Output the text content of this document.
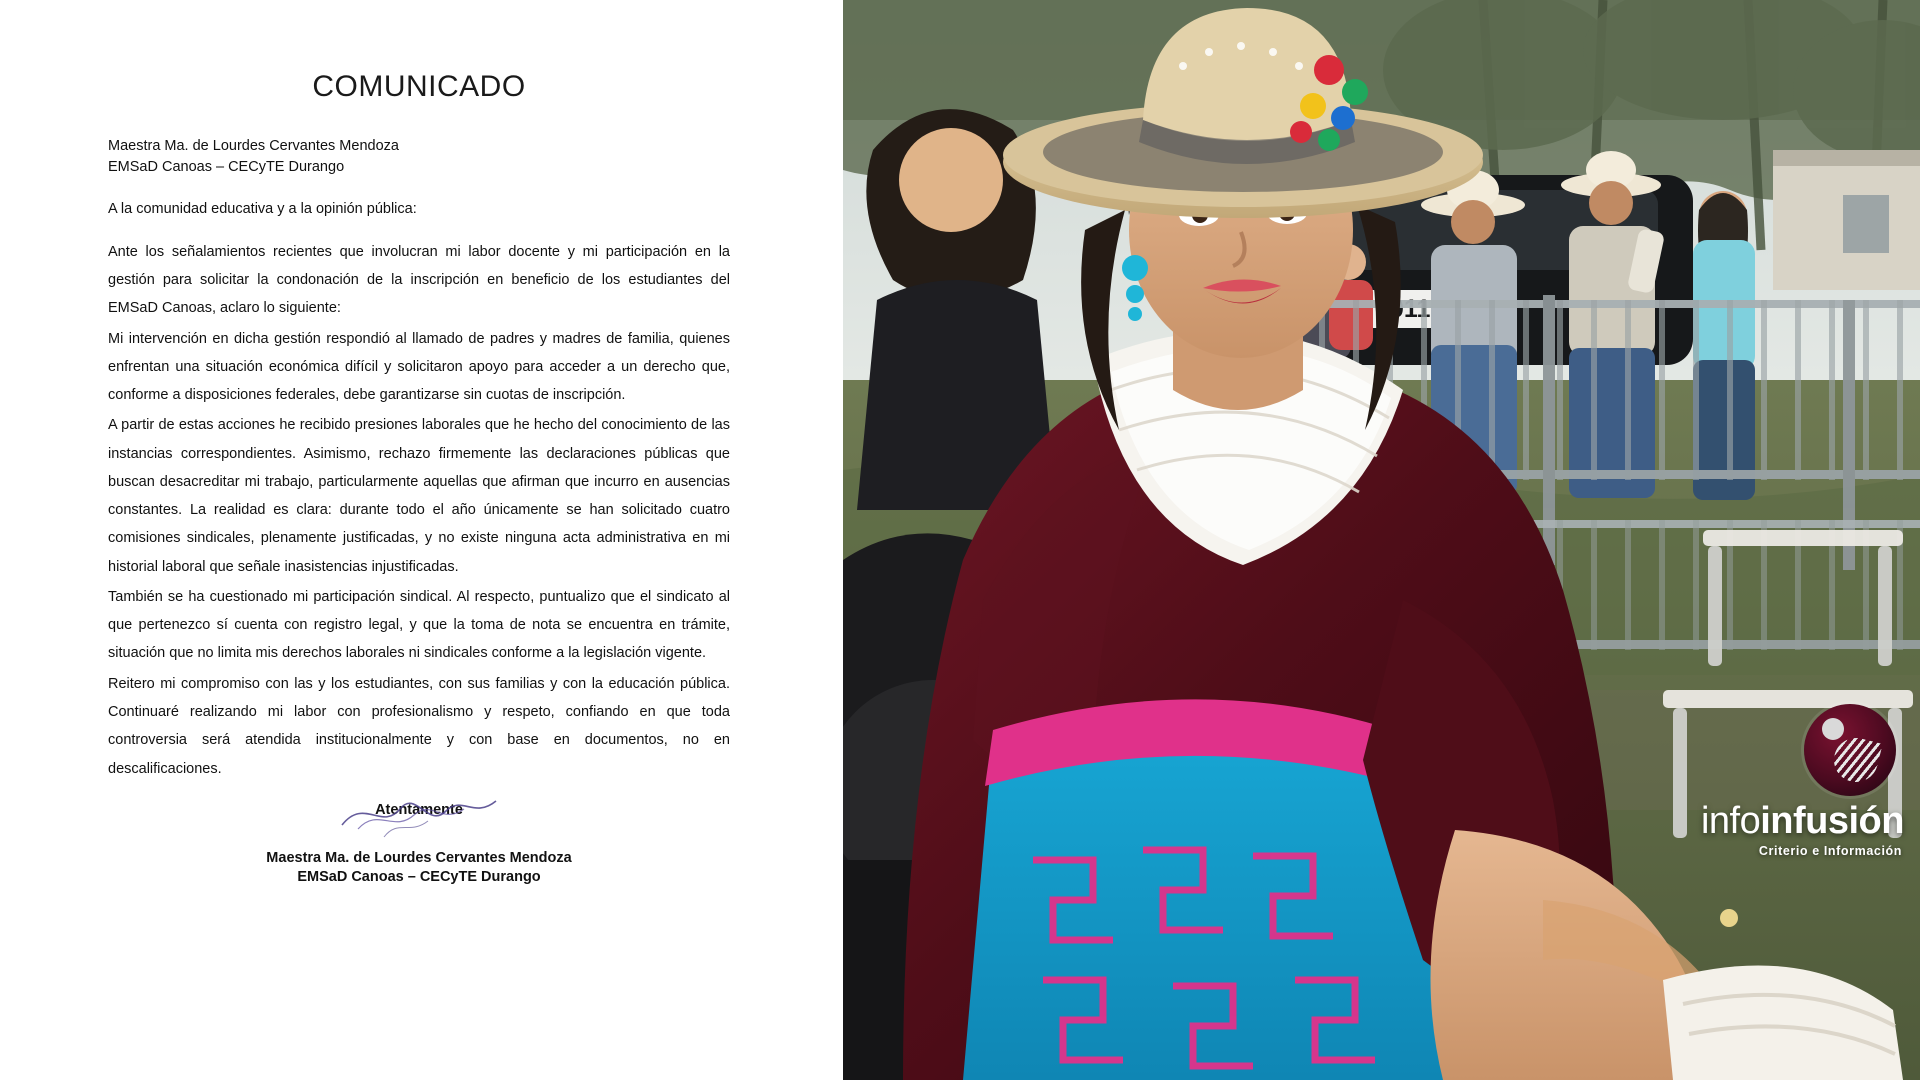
COMUNICADO
Maestra Ma. de Lourdes Cervantes Mendoza
EMSaD Canoas – CECyTE Durango
A la comunidad educativa y a la opinión pública:

Ante los señalamientos recientes que involucran mi labor docente y mi participación en la gestión para solicitar la condonación de la inscripción en beneficio de los estudiantes del EMSaD Canoas, aclaro lo siguiente:

Mi intervención en dicha gestión respondió al llamado de padres y madres de familia, quienes enfrentan una situación económica difícil y solicitaron apoyo para acceder a un derecho que, conforme a disposiciones federales, debe garantizarse sin cuotas de inscripción.

A partir de estas acciones he recibido presiones laborales que he hecho del conocimiento de las instancias correspondientes. Asimismo, rechazo firmemente las declaraciones públicas que buscan desacreditar mi trabajo, particularmente aquellas que afirman que incurro en ausencias constantes. La realidad es clara: durante todo el año únicamente se han solicitado cuatro comisiones sindicales, plenamente justificadas, y no existe ninguna acta administrativa en mi historial laboral que señale inasistencias injustificadas.

También se ha cuestionado mi participación sindical. Al respecto, puntualizo que el sindicato al que pertenezco sí cuenta con registro legal, y que la toma de nota se encuentra en trámite, situación que no limita mis derechos laborales ni sindicales conforme a la legislación vigente.

Reitero mi compromiso con las y los estudiantes, con sus familias y con la educación pública. Continuaré realizando mi labor con profesionalismo y respeto, confiando en que toda controversia será atendida institucionalmente y con base en documentos, no en descalificaciones.

Atentamente
Maestra Ma. de Lourdes Cervantes Mendoza
EMSaD Canoas – CECyTE Durango
infoinfusión
Criterio e Información
